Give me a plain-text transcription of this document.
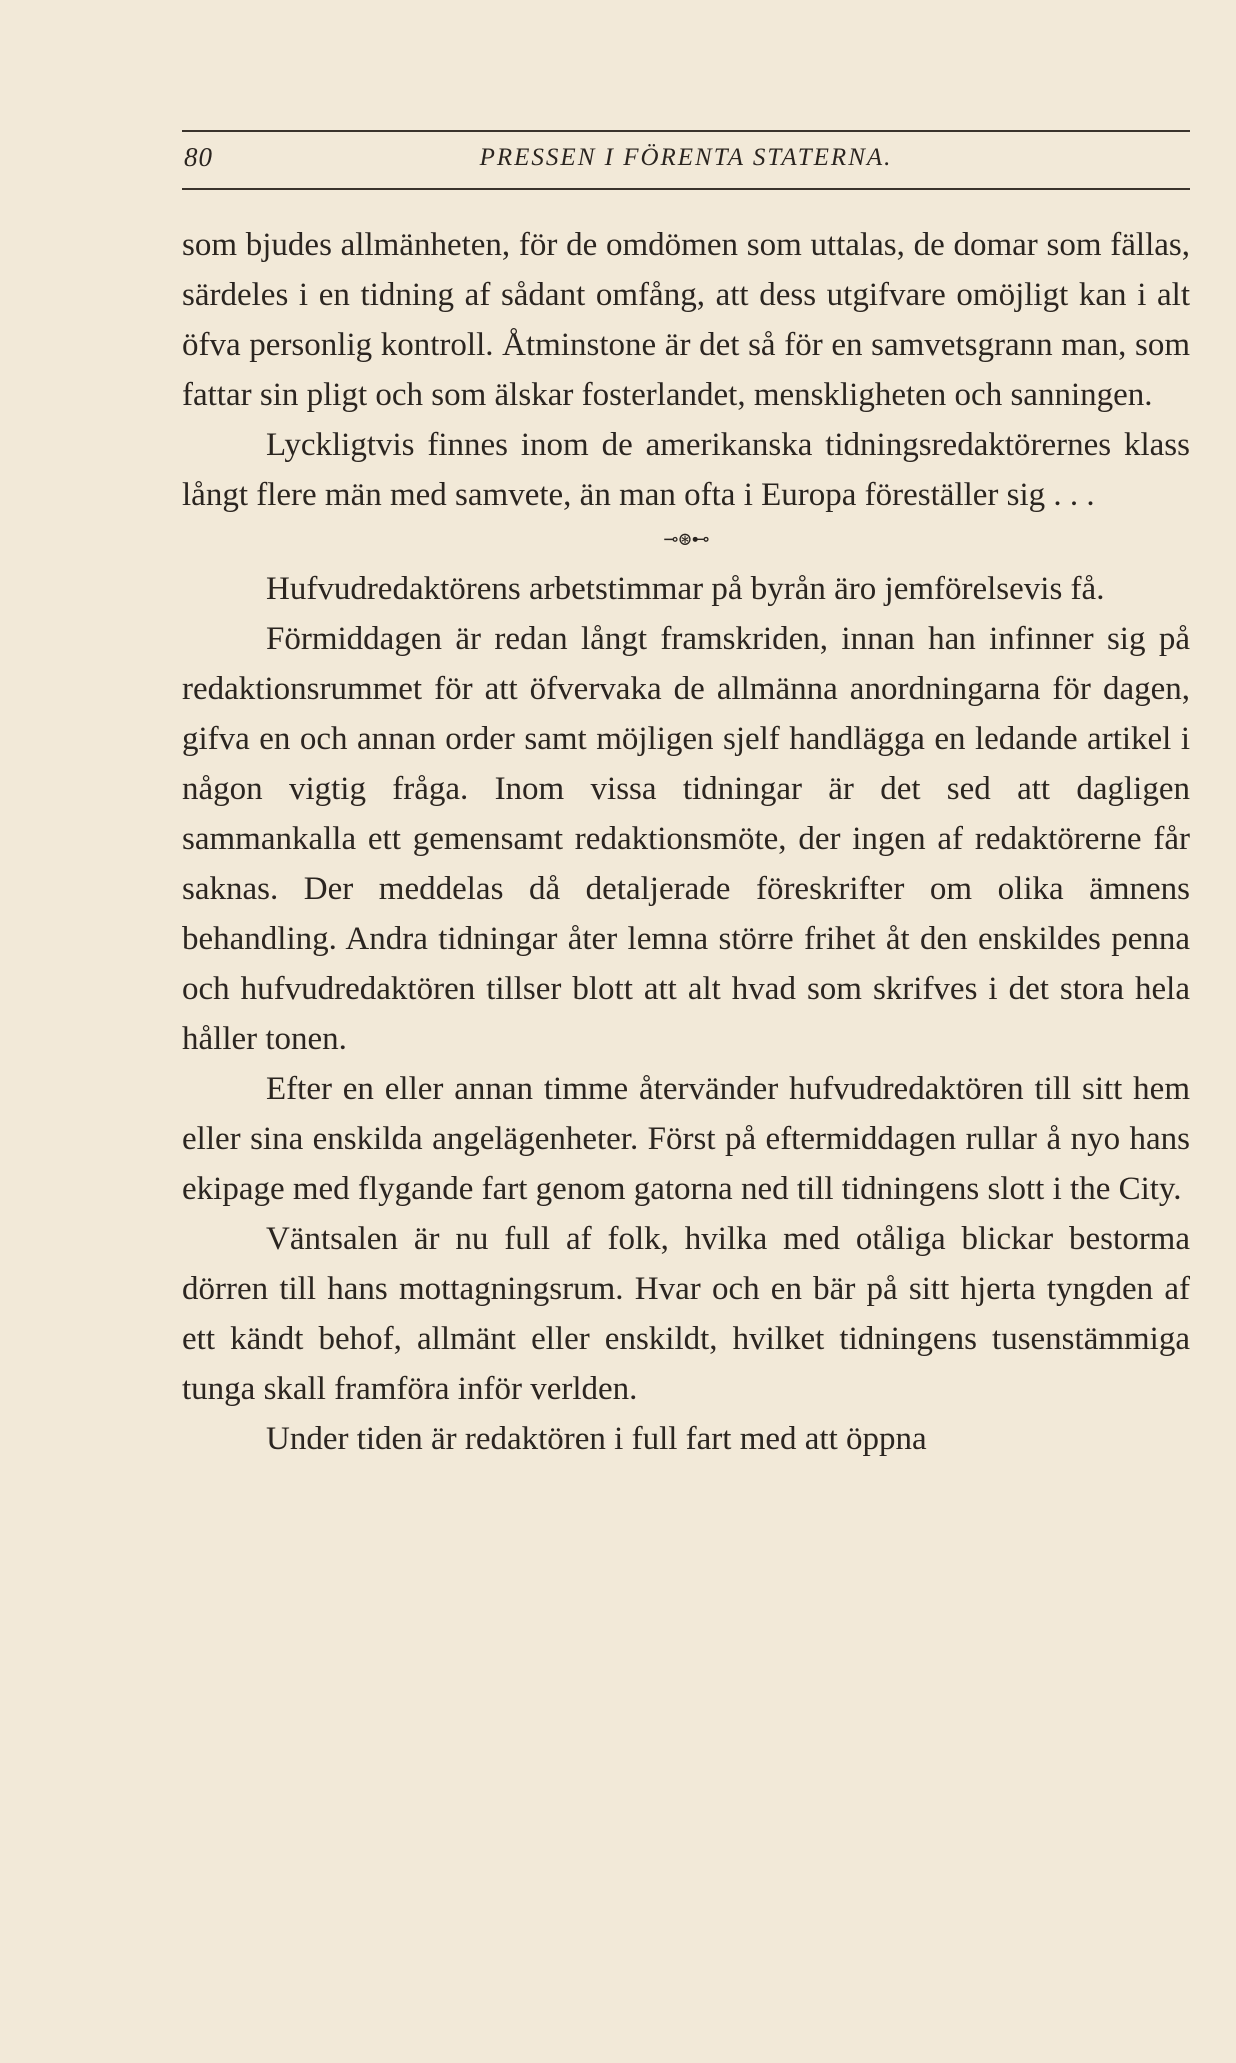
80	PRESSEN I FÖRENTA STATERNA.

som bjudes allmänheten, för de omdömen som uttalas, de domar som fällas, särdeles i en tidning af sådant omfång, att dess utgifvare omöjligt kan i alt öfva personlig kontroll. Åtminstone är det så för en samvetsgrann man, som fattar sin pligt och som älskar fosterlandet, menskligheten och sanningen.

Lyckligtvis finnes inom de amerikanska tidningsredaktörernes klass långt flere män med samvete, än man ofta i Europa föreställer sig . . .

⊸⊛⊷

Hufvudredaktörens arbetstimmar på byrån äro jemförelsevis få.

Förmiddagen är redan långt framskriden, innan han infinner sig på redaktionsrummet för att öfvervaka de allmänna anordningarna för dagen, gifva en och annan order samt möjligen sjelf handlägga en ledande artikel i någon vigtig fråga. Inom vissa tidningar är det sed att dagligen sammankalla ett gemensamt redaktionsmöte, der ingen af redaktörerne får saknas. Der meddelas då detaljerade föreskrifter om olika ämnens behandling. Andra tidningar åter lemna större frihet åt den enskildes penna och hufvudredaktören tillser blott att alt hvad som skrifves i det stora hela håller tonen.

Efter en eller annan timme återvänder hufvudredaktören till sitt hem eller sina enskilda angelägenheter. Först på eftermiddagen rullar å nyo hans ekipage med flygande fart genom gatorna ned till tidningens slott i the City.

Väntsalen är nu full af folk, hvilka med otåliga blickar bestorma dörren till hans mottagningsrum. Hvar och en bär på sitt hjerta tyngden af ett kändt behof, allmänt eller enskildt, hvilket tidningens tusenstämmiga tunga skall framföra inför verlden.

Under tiden är redaktören i full fart med att öppna
